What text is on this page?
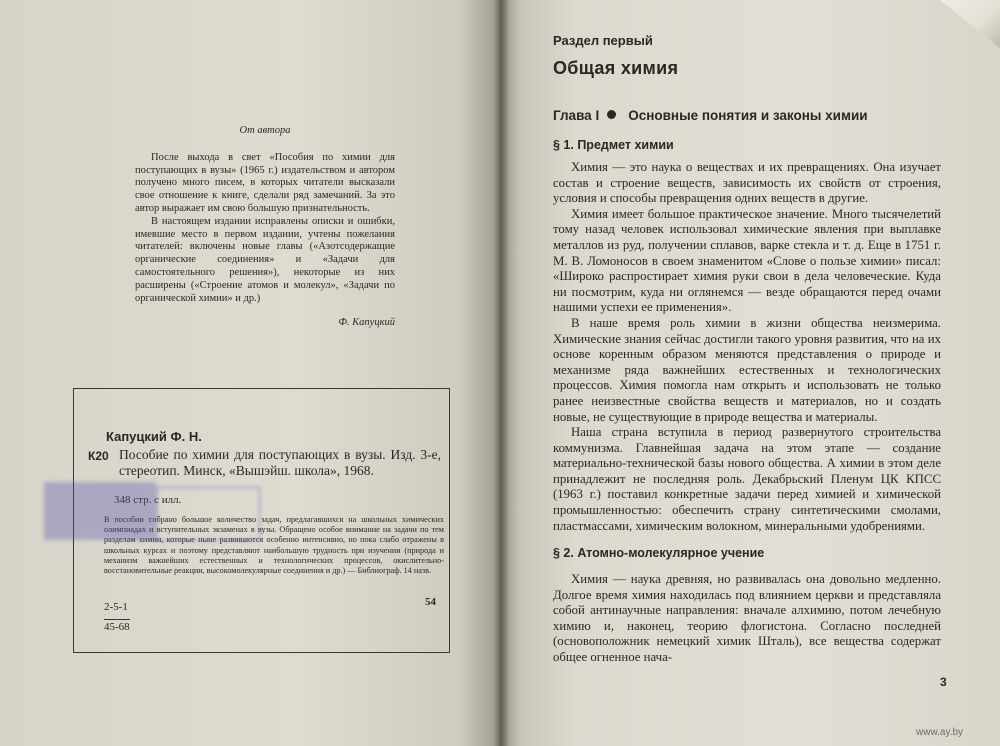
От автора

После выхода в свет «Пособия по химии для поступающих в вузы» (1965 г.) издательством и автором получено много писем, в которых читатели высказали свое отношение к книге, сделали ряд замечаний. За это автор выражает им свою большую признательность.

В настоящем издании исправлены описки и ошибки, имевшие место в первом издании, учтены пожелания читателей: включены новые главы («Азотсодержащие органические соединения» и «Задачи для самостоятельного решения»), некоторые из них расширены («Строение атомов и молекул», «Задачи по органической химии» и др.)

Ф. Капуцкий
Капуцкий Ф. Н.
К20 Пособие по химии для поступающих в вузы. Изд. 3-е, стереотип. Минск, «Вышэйш. школа», 1968.
348 стр. с илл.
В пособии собрано большое количество задач, предлагавшихся на школьных химических олимпиадах и вступительных экзаменах в вузы. Обращено особое внимание на задачи по тем разделам химии, которые ныне развиваются особенно интенсивно, но пока слабо отражены в школьных курсах и поэтому представляют наибольшую трудность при изучении (природа и механизм важнейших естественных и технологических процессов, окислительно-восстановительные реакции, высокомолекулярные соединения и др.) — Библиограф. 14 назв.
2-5-1
45-68
54
Раздел первый
Общая химия
Глава I Основные понятия и законы химии
§ 1. Предмет химии

Химия — это наука о веществах и их превращениях. Она изучает состав и строение веществ, зависимость их свойств от строения, условия и способы превращения одних веществ в другие.

Химия имеет большое практическое значение. Много тысячелетий тому назад человек использовал химические явления при выплавке металлов из руд, получении сплавов, варке стекла и т. д. Еще в 1751 г. М. В. Ломоносов в своем знаменитом «Слове о пользе химии» писал: «Широко распростирает химия руки свои в дела человеческие. Куда ни посмотрим, куда ни оглянемся — везде обращаются перед очами нашими успехи ее применения».

В наше время роль химии в жизни общества неизмерима. Химические знания сейчас достигли такого уровня развития, что на их основе коренным образом меняются представления о природе и механизме ряда важнейших естественных и технологических процессов. Химия помогла нам открыть и использовать не только ранее неизвестные свойства веществ и материалов, но и создать новые, не существующие в природе вещества и материалы.

Наша страна вступила в период развернутого строительства коммунизма. Главнейшая задача на этом этапе — создание материально-технической базы нового общества. А химии в этом деле принадлежит не последняя роль. Декабрьский Пленум ЦК КПСС (1963 г.) поставил конкретные задачи перед химией и химической промышленностью: обеспечить страну синтетическими смолами, пластмассами, химическим волокном, минеральными удобрениями.

§ 2. Атомно-молекулярное учение

Химия — наука древняя, но развивалась она довольно медленно. Долгое время химия находилась под влиянием церкви и представляла собой антинаучные направления: вначале алхимию, потом лечебную химию и, наконец, теорию флогистона. Согласно последней (основоположник немецкий химик Шталь), все вещества содержат общее огненное нача-

3
www.ay.by
